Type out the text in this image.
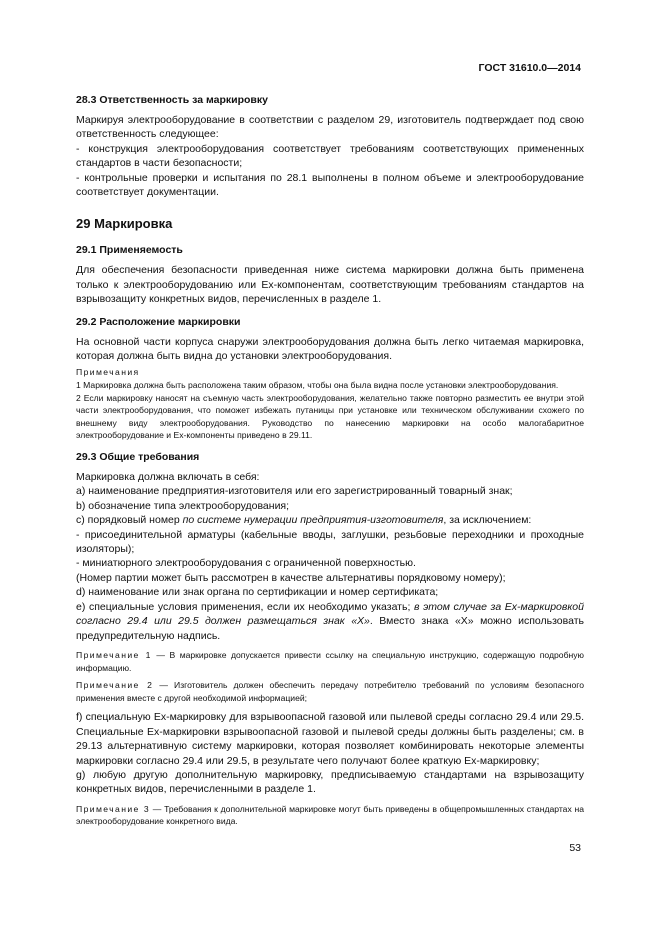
ГОСТ 31610.0—2014

28.3 Ответственность за маркировку

Маркируя электрооборудование в соответствии с разделом 29, изготовитель подтверждает под свою ответственность следующее:

- конструкция электрооборудования соответствует требованиям соответствующих примененных стандартов в части безопасности;

- контрольные проверки и испытания по 28.1 выполнены в полном объеме и электрооборудование соответствует документации.

29 Маркировка

29.1 Применяемость

Для обеспечения безопасности приведенная ниже система маркировки должна быть применена только к электрооборудованию или Ex-компонентам, соответствующим требованиям стандартов на взрывозащиту конкретных видов, перечисленных в разделе 1.

29.2 Расположение маркировки

На основной части корпуса снаружи электрооборудования должна быть легко читаемая маркировка, которая должна быть видна до установки электрооборудования.

Примечания

1 Маркировка должна быть расположена таким образом, чтобы она была видна после установки электрооборудования.

2 Если маркировку наносят на съемную часть электрооборудования, желательно также повторно разместить ее внутри этой части электрооборудования, что поможет избежать путаницы при установке или техническом обслуживании схожего по внешнему виду электрооборудования. Руководство по нанесению маркировки на особо малогабаритное электрооборудование и Ex-компоненты приведено в 29.11.

29.3 Общие требования

Маркировка должна включать в себя:

a) наименование предприятия-изготовителя или его зарегистрированный товарный знак;

b) обозначение типа электрооборудования;

c) порядковый номер по системе нумерации предприятия-изготовителя, за исключением:

- присоединительной арматуры (кабельные вводы, заглушки, резьбовые переходники и проходные изоляторы);

- миниатюрного электрооборудования с ограниченной поверхностью.

(Номер партии может быть рассмотрен в качестве альтернативы порядковому номеру);

d) наименование или знак органа по сертификации и номер сертификата;

e) специальные условия применения, если их необходимо указать; в этом случае за Ex-маркировкой согласно 29.4 или 29.5 должен размещаться знак «X». Вместо знака «X» можно использовать предупредительную надпись.

Примечание 1 — В маркировке допускается привести ссылку на специальную инструкцию, содержащую подробную информацию.

Примечание 2 — Изготовитель должен обеспечить передачу потребителю требований по условиям безопасного применения вместе с другой необходимой информацией;

f) специальную Ex-маркировку для взрывоопасной газовой или пылевой среды согласно 29.4 или 29.5. Специальные Ex-маркировки взрывоопасной газовой и пылевой среды должны быть разделены; см. в 29.13 альтернативную систему маркировки, которая позволяет комбинировать некоторые элементы маркировки согласно 29.4 или 29.5, в результате чего получают более краткую Ex-маркировку;

g) любую другую дополнительную маркировку, предписываемую стандартами на взрывозащиту конкретных видов, перечисленными в разделе 1.

Примечание 3 — Требования к дополнительной маркировке могут быть приведены в общепромышленных стандартах на электрооборудование конкретного вида.

53
